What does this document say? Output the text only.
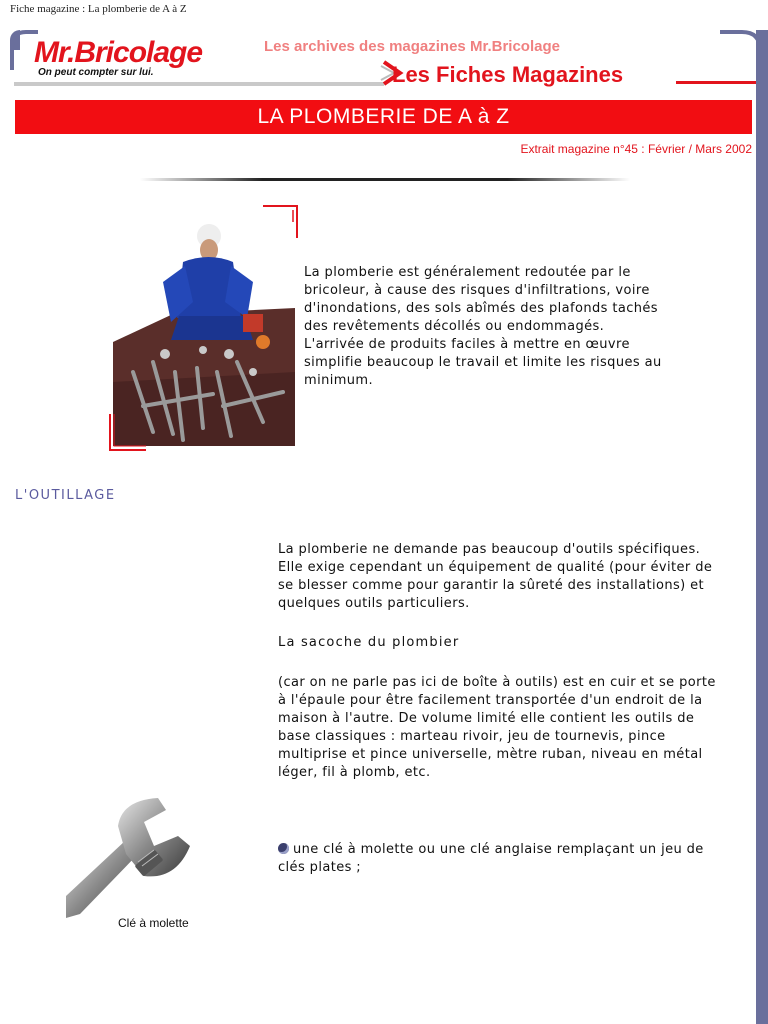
Fiche magazine : La plomberie de A à Z
Mr.Bricolage
On peut compter sur lui.
Les archives des magazines Mr.Bricolage
Les Fiches Magazines
LA PLOMBERIE DE A à Z
Extrait magazine n°45 : Février / Mars 2002

La plomberie est généralement redoutée par le bricoleur, à cause des risques d'infiltrations, voire d'inondations, des sols abîmés des plafonds tachés des revêtements décollés ou endommagés. L'arrivée de produits faciles à mettre en œuvre simplifie beaucoup le travail et limite les risques au minimum.

L'OUTILLAGE

La plomberie ne demande pas beaucoup d'outils spécifiques. Elle exige cependant un équipement de qualité (pour éviter de se blesser comme pour garantir la sûreté des installations) et quelques outils particuliers.

La sacoche du plombier

(car on ne parle pas ici de boîte à outils) est en cuir et se porte à l'épaule pour être facilement transportée d'un endroit de la maison à l'autre. De volume limité elle contient les outils de base classiques : marteau rivoir, jeu de tournevis, pince multiprise et pince universelle, mètre ruban, niveau en métal léger, fil à plomb, etc.

une clé à molette ou une clé anglaise remplaçant un jeu de clés plates ;

Clé à molette
